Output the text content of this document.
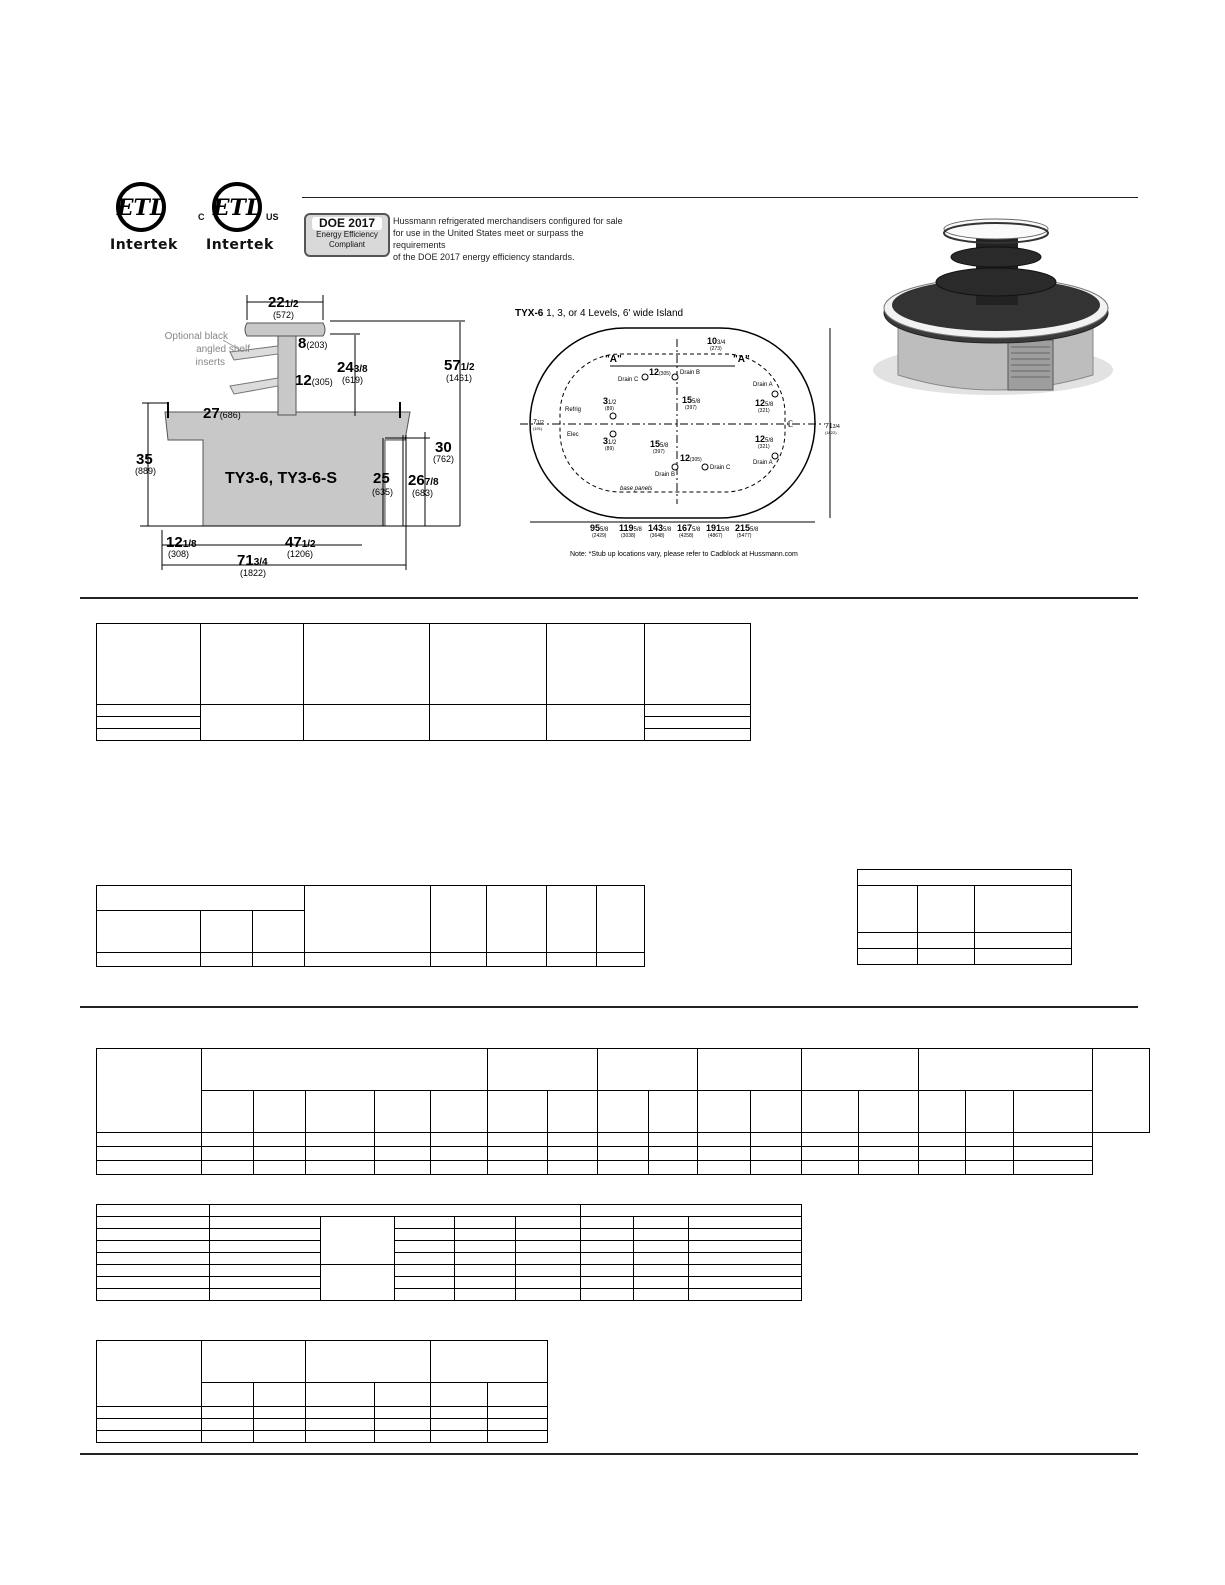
ETL
Intertek
ETL
C	US
Intertek
DOE 2017
Energy Efficiency
Compliant
Hussmann refrigerated merchandisers configured for sale
for use in the United States meet or surpass the requirements
of the DOE 2017 energy efficiency standards.
TY3-6, TY3-6-S
Optional black
angled shelf
inserts
221/2
(572)
8(203)
12(305)
243/8
(619)
571/2
(1461)
27(686)
35
(889)
30
(762)
25
(635)
267/8
(683)
121/8
(308)
471/2
(1206)
713/4
(1822)
TYX-6 1, 3, or 4 Levels, 6' wide Island
"A"	"A"
Drain C
Drain B
Drain A
Refrig
Elec
Drain B
Drain C
Drain A
base panels
ℂ
103/4
(273)
12(305)
31/2
(89)
31/2
(89)
155/8
(397)
155/8
(397)
12(305)
125/8
(321)
125/8
(321)
71/2
(191)	713/4
(1822)
955/8
(2429)
1195/8
(3038)
1435/8
(3648)
1675/8
(4258)
1915/8
(4867)
2155/8
(5477)
Note: *Stub up locations vary, please refer to Cadblock at Hussmann.com
